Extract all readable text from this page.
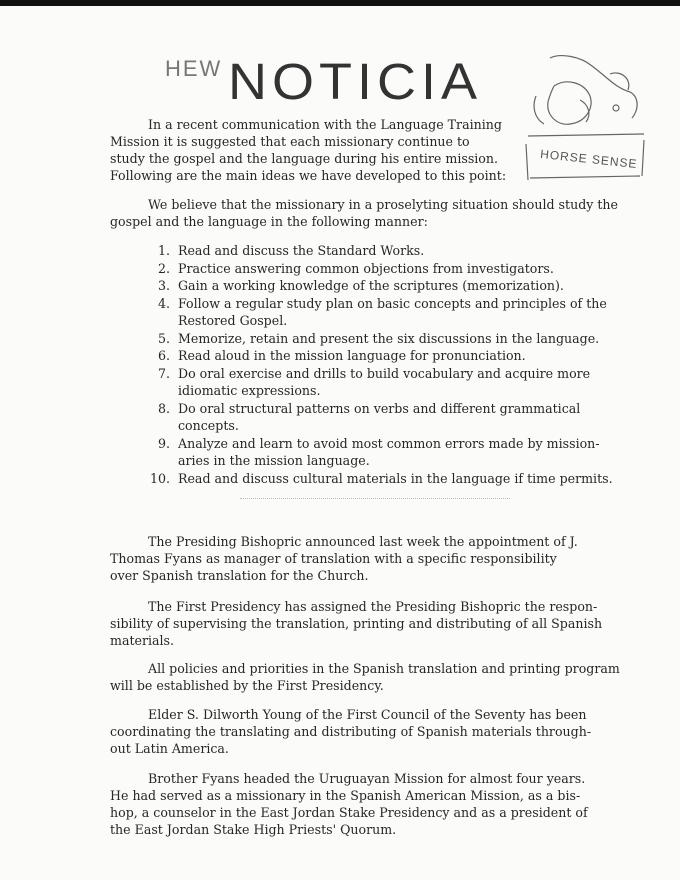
HEW NOTICIA
HORSE SENSE

In a recent communication with the Language Training

Mission it is suggested that each missionary continue to

study the gospel and the language during his entire mission.

Following are the main ideas we have developed to this point:

We believe that the missionary in a proselyting situation should study the

gospel and the language in the following manner:

1. Read and discuss the Standard Works.
2. Practice answering common objections from investigators.
3. Gain a working knowledge of the scriptures (memorization).
4. Follow a regular study plan on basic concepts and principles of the
Restored Gospel.
5. Memorize, retain and present the six discussions in the language.
6. Read aloud in the mission language for pronunciation.
7. Do oral exercise and drills to build vocabulary and acquire more
idiomatic expressions.
8. Do oral structural patterns on verbs and different grammatical
concepts.
9. Analyze and learn to avoid most common errors made by mission-
aries in the mission language.
10. Read and discuss cultural materials in the language if time permits.

The Presiding Bishopric announced last week the appointment of J.

Thomas Fyans as manager of translation with a specific responsibility

over Spanish translation for the Church.

The First Presidency has assigned the Presiding Bishopric the respon-

sibility of supervising the translation, printing and distributing of all Spanish

materials.

All policies and priorities in the Spanish translation and printing program

will be established by the First Presidency.

Elder S. Dilworth Young of the First Council of the Seventy has been

coordinating the translating and distributing of Spanish materials through-

out Latin America.

Brother Fyans headed the Uruguayan Mission for almost four years.

He had served as a missionary in the Spanish American Mission, as a bis-

hop, a counselor in the East Jordan Stake Presidency and as a president of

the East Jordan Stake High Priests' Quorum.
